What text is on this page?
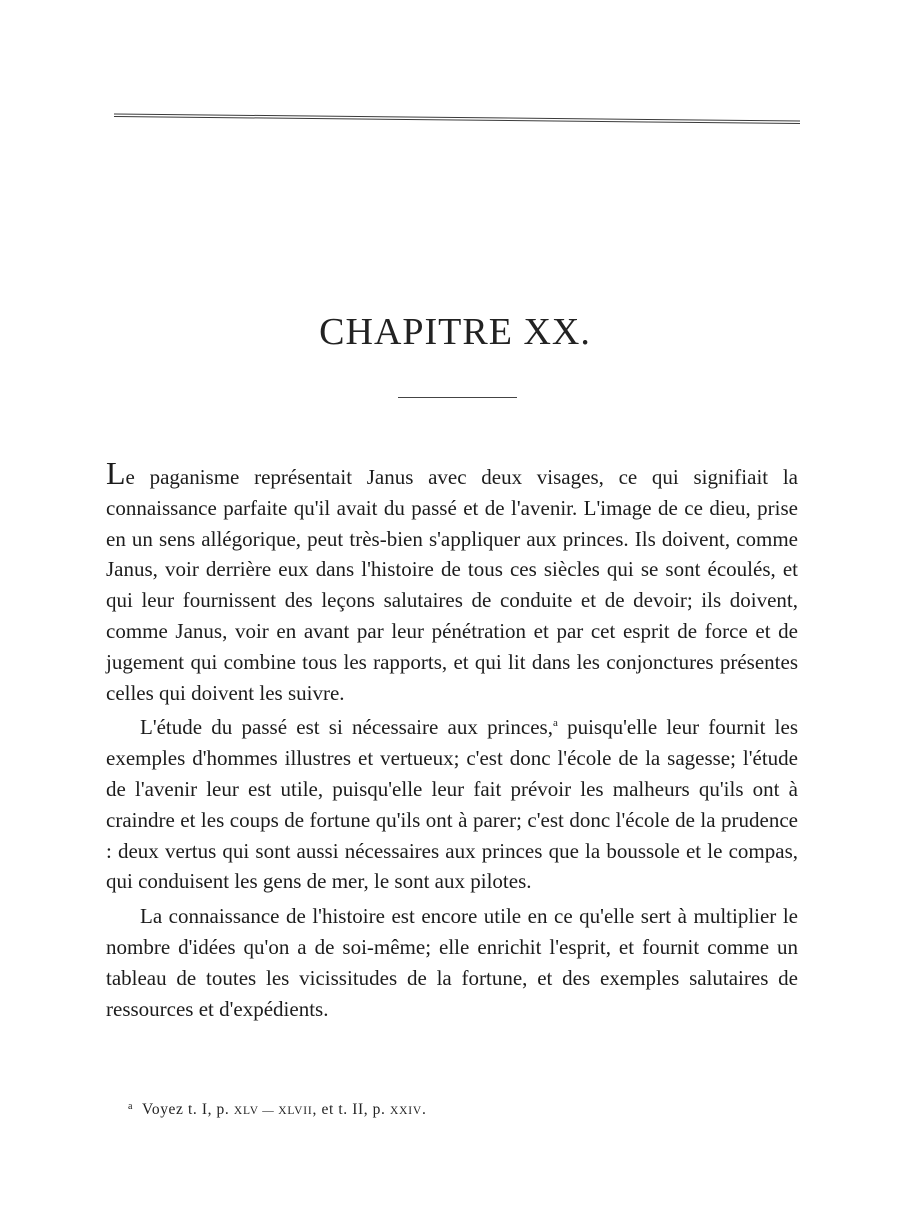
CHAPITRE XX.

Le paganisme représentait Janus avec deux visages, ce qui signifiait la connaissance parfaite qu'il avait du passé et de l'avenir. L'image de ce dieu, prise en un sens allégorique, peut très-bien s'appliquer aux princes. Ils doivent, comme Janus, voir derrière eux dans l'histoire de tous ces siècles qui se sont écoulés, et qui leur fournissent des leçons salutaires de conduite et de devoir; ils doivent, comme Janus, voir en avant par leur pénétration et par cet esprit de force et de jugement qui combine tous les rapports, et qui lit dans les conjonctures présentes celles qui doivent les suivre.

L'étude du passé est si nécessaire aux princes,$^a$ puisqu'elle leur fournit les exemples d'hommes illustres et vertueux; c'est donc l'école de la sagesse; l'étude de l'avenir leur est utile, puisqu'elle leur fait prévoir les malheurs qu'ils ont à craindre et les coups de fortune qu'ils ont à parer; c'est donc l'école de la prudence : deux vertus qui sont aussi nécessaires aux princes que la boussole et le compas, qui conduisent les gens de mer, le sont aux pilotes.

La connaissance de l'histoire est encore utile en ce qu'elle sert à multiplier le nombre d'idées qu'on a de soi-même; elle enrichit l'esprit, et fournit comme un tableau de toutes les vicissitudes de la fortune, et des exemples salutaires de ressources et d'expédients.

$^a$ Voyez t. I, p. XLV — XLVII, et t. II, p. XXIV.
